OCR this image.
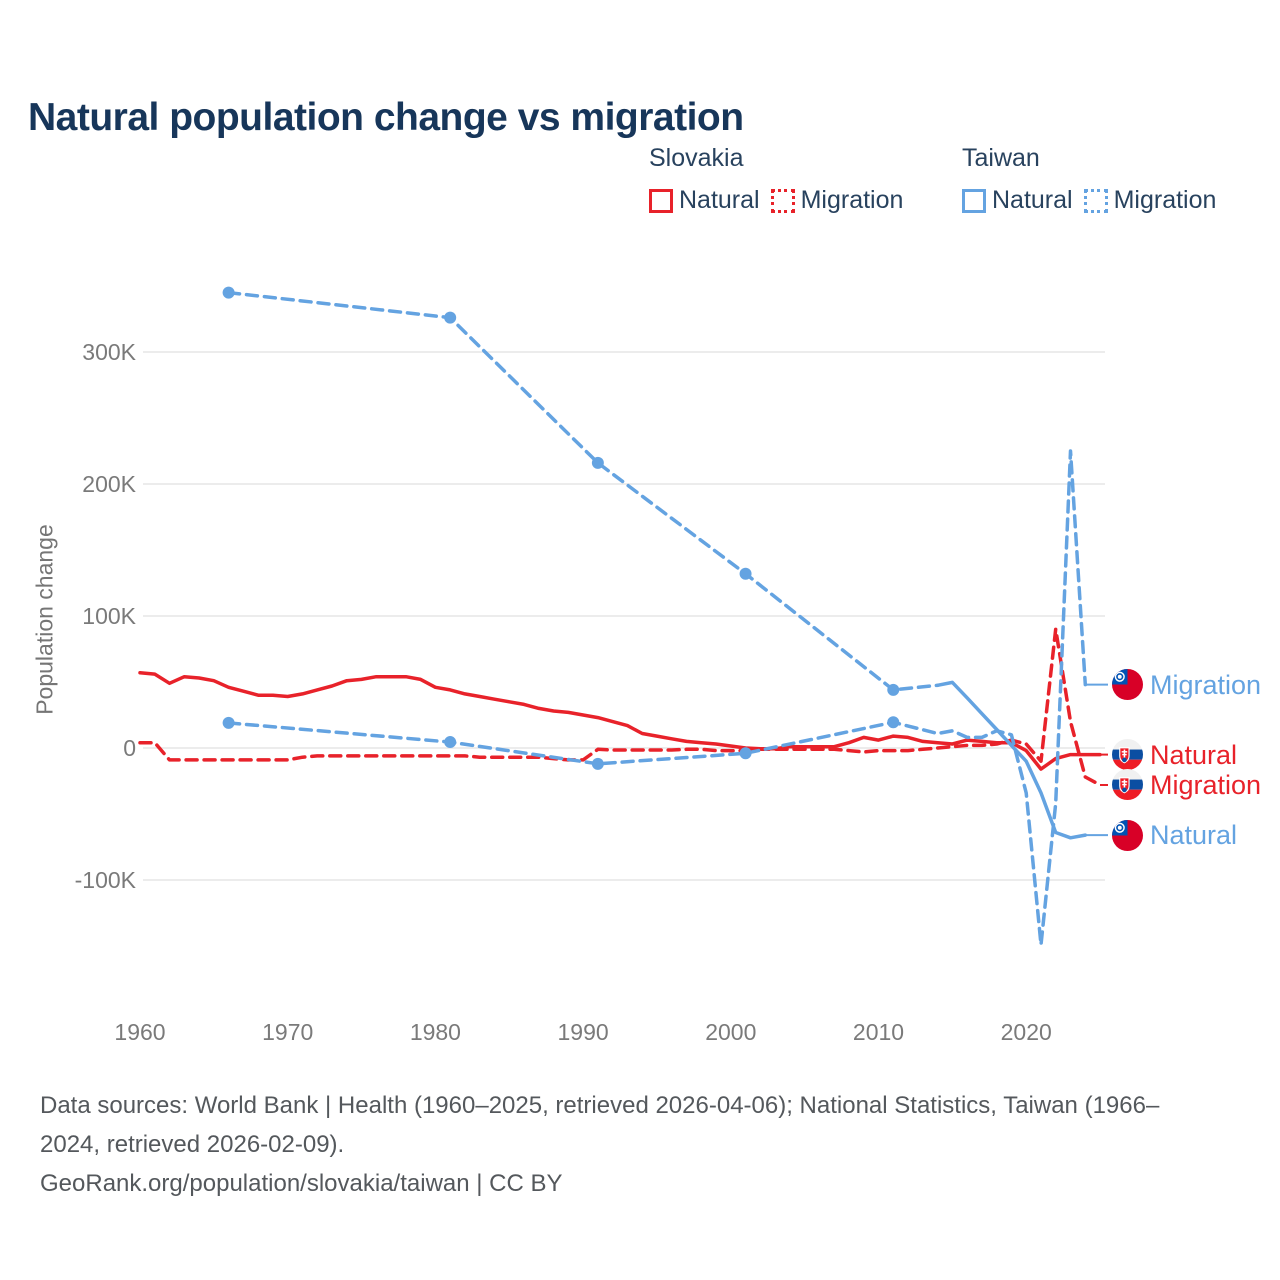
Natural population change vs migration
Slovakia
Natural Migration
Taiwan
Natural Migration
Population change
300K
200K
100K
0
-100K
1960	1970	1980	1990	2000	2010	2020
Natural
Migration
Natural
Migration
Data sources: World Bank | Health (1960–2025, retrieved 2026-04-06); National Statistics, Taiwan (1966–
2024, retrieved 2026-02-09).
GeoRank.org/population/slovakia/taiwan | CC BY
